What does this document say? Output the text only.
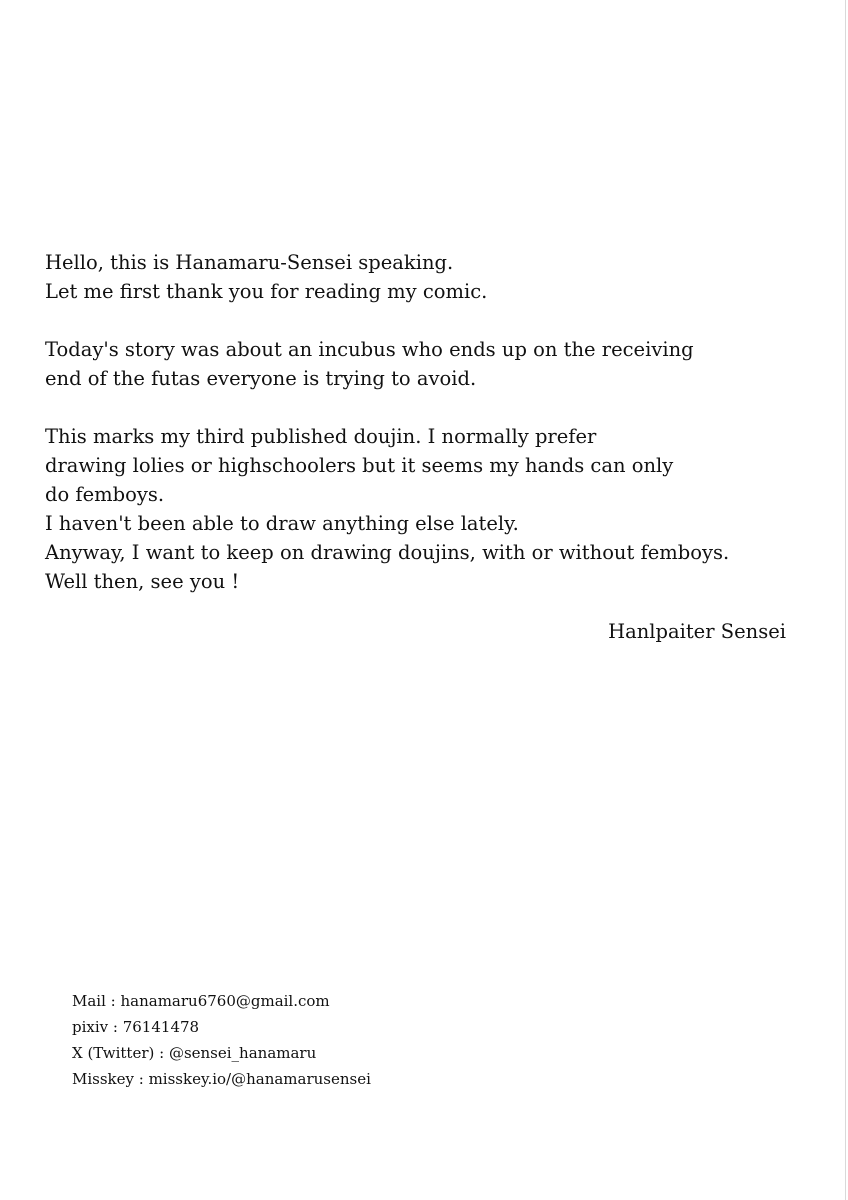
Hello, this is Hanamaru-Sensei speaking.
Let me first thank you for reading my comic.

Today's story was about an incubus who ends up on the receiving
end of the futas everyone is trying to avoid.

This marks my third published doujin. I normally prefer
drawing lolies or highschoolers but it seems my hands can only
do femboys.
I haven't been able to draw anything else lately.
Anyway, I want to keep on drawing doujins, with or without femboys.
Well then, see you !

Hanlpaiter Sensei
Mail : hanamaru6760@gmail.com
pixiv : 76141478
X (Twitter) : @sensei_hanamaru
Misskey : misskey.io/@hanamarusensei
